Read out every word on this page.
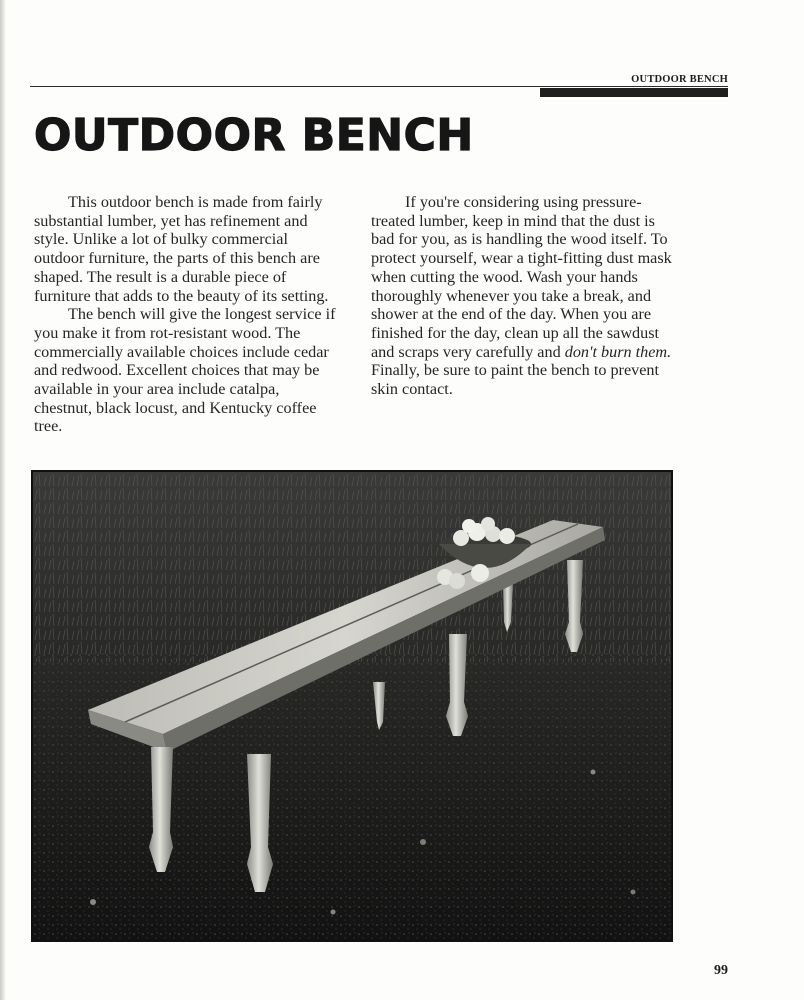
OUTDOOR BENCH
OUTDOOR BENCH

This outdoor bench is made from fairly substantial lumber, yet has refinement and style. Unlike a lot of bulky commercial outdoor furniture, the parts of this bench are shaped. The result is a durable piece of furniture that adds to the beauty of its setting.

The bench will give the longest service if you make it from rot-resistant wood. The commercially available choices include cedar and redwood. Excellent choices that may be available in your area include catalpa, chestnut, black locust, and Kentucky coffee tree.

If you're considering using pressure-treated lumber, keep in mind that the dust is bad for you, as is handling the wood itself. To protect yourself, wear a tight-fitting dust mask when cutting the wood. Wash your hands thoroughly whenever you take a break, and shower at the end of the day. When you are finished for the day, clean up all the sawdust and scraps very carefully and don't burn them. Finally, be sure to paint the bench to prevent skin contact.

99
